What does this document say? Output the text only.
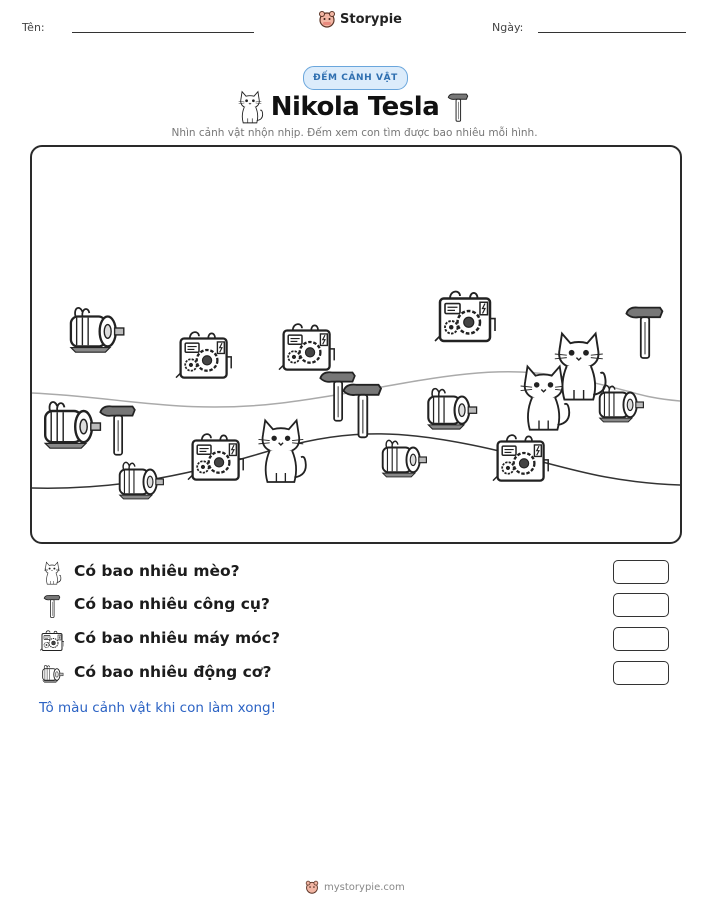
Tên:
Storypie
Ngày:
ĐẾM CẢNH VẬT
Nikola Tesla
Nhìn cảnh vật nhộn nhịp. Đếm xem con tìm được bao nhiêu mỗi hình.
Có bao nhiêu mèo?
Có bao nhiêu công cụ?
Có bao nhiêu máy móc?
Có bao nhiêu động cơ?
Tô màu cảnh vật khi con làm xong!
mystorypie.com
